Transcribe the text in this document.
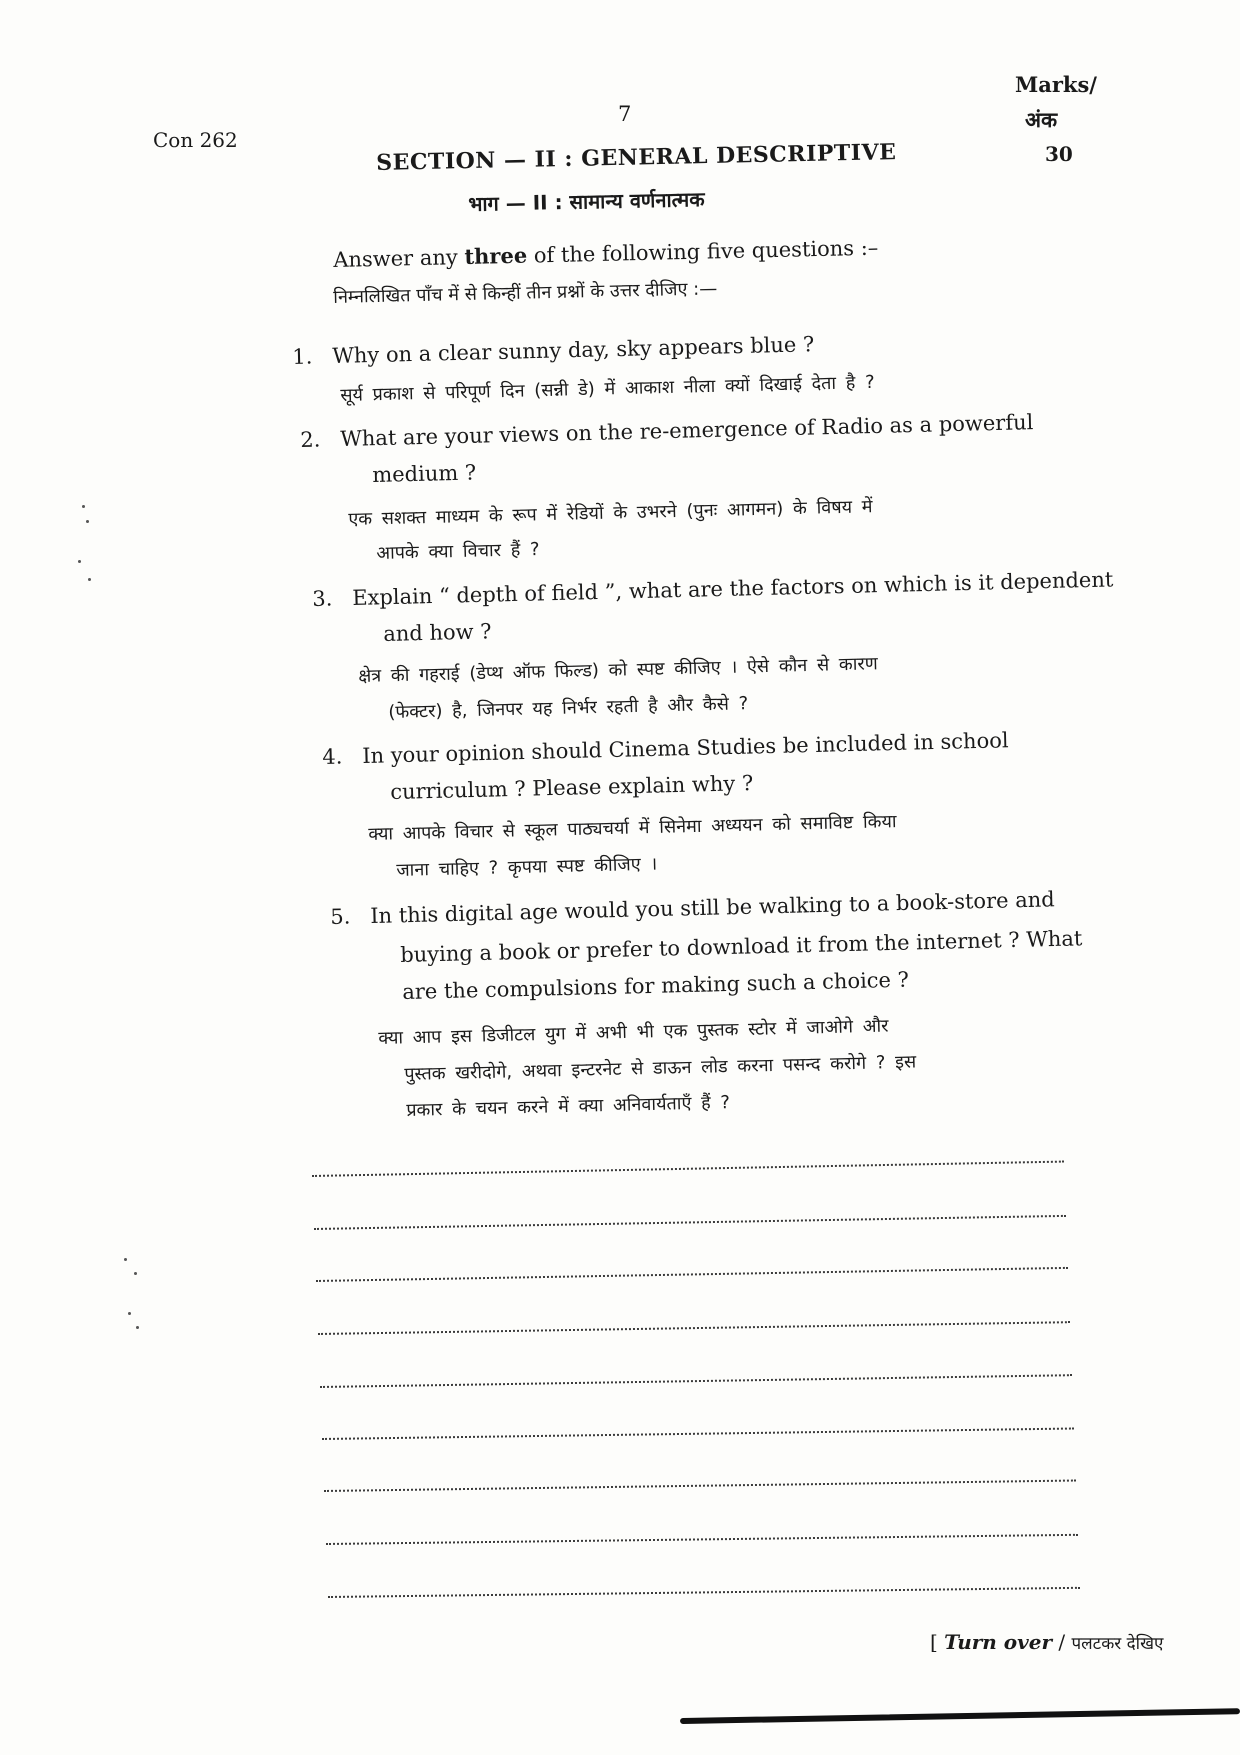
Con 262
7
Marks/
अंक
30
SECTION — II : GENERAL DESCRIPTIVE
भाग — II : सामान्य वर्णनात्मक
Answer any three of the following five questions :–
निम्नलिखित पाँच में से किन्हीं तीन प्रश्नों के उत्तर दीजिए :—
1. Why on a clear sunny day, sky appears blue ?
सूर्य प्रकाश से परिपूर्ण दिन (सन्नी डे) में आकाश नीला क्यों दिखाई देता है ?
2. What are your views on the re-emergence of Radio as a powerful
medium ?
एक सशक्त माध्यम के रूप में रेडियों के उभरने (पुनः आगमन) के विषय में
आपके क्या विचार हैं ?
3. Explain “ depth of field ”, what are the factors on which is it dependent
and how ?
क्षेत्र की गहराई (डेप्थ ऑफ फिल्ड) को स्पष्ट कीजिए । ऐसे कौन से कारण
(फेक्टर) है, जिनपर यह निर्भर रहती है और कैसे ?
4. In your opinion should Cinema Studies be included in school
curriculum ? Please explain why ?
क्या आपके विचार से स्कूल पाठ्यचर्या में सिनेमा अध्ययन को समाविष्ट किया
जाना चाहिए ? कृपया स्पष्ट कीजिए ।
5. In this digital age would you still be walking to a book-store and
buying a book or prefer to download it from the internet ? What
are the compulsions for making such a choice ?
क्या आप इस डिजीटल युग में अभी भी एक पुस्तक स्टोर में जाओगे और
पुस्तक खरीदोगे, अथवा इन्टरनेट से डाऊन लोड करना पसन्द करोगे ? इस
प्रकार के चयन करने में क्या अनिवार्यताएँ हैं ?
[ Turn over / पलटकर देखिए
